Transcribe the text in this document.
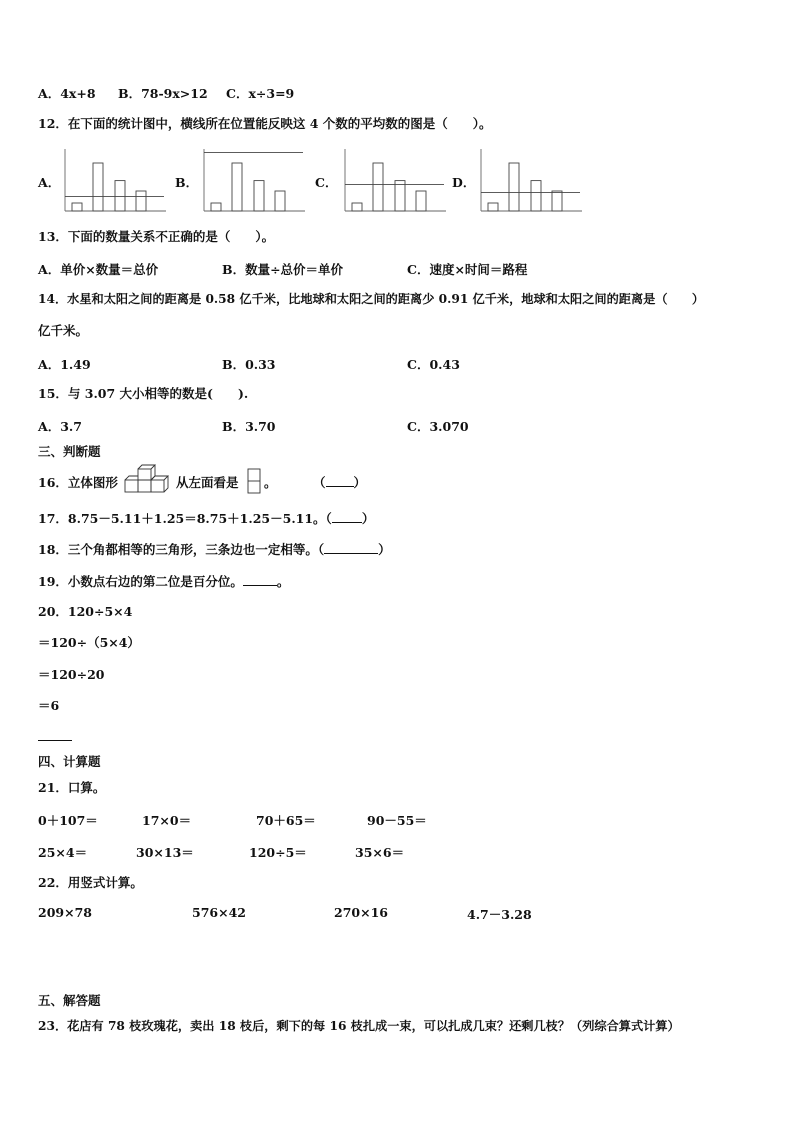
A．4x+8 B．78-9x>12 C．x÷3=9
12．在下面的统计图中，横线所在位置能反映这 4 个数的平均数的图是（　　）。
A．	B．	C．	D．
13．下面的数量关系不正确的是（　　）。
A．单价×数量＝总价	B．数量÷总价＝单价	C．速度×时间＝路程
14．水星和太阳之间的距离是 0.58 亿千米，比地球和太阳之间的距离少 0.91 亿千米，地球和太阳之间的距离是（　　）
亿千米。
A．1.49	B．0.33	C．0.43
15．与 3.07 大小相等的数是(　　).
A．3.7	B．3.70	C．3.070
三、判断题
16．立体图形	从左面看是 。	（ ）
17．8.75－5.11＋1.25＝8.75＋1.25－5.11。（ ）
18．三个角都相等的三角形，三条边也一定相等。（	）
19．小数点右边的第二位是百分位。	。
20．120÷5×4
＝120÷（5×4）
＝120÷20
＝6
四、计算题
21．口算。
0＋107＝	17×0＝	70＋65＝	90－55＝
25×4＝	30×13＝	120÷5＝	35×6＝
22．用竖式计算。
209×78	576×42	270×16	4.7－3.28
五、解答题
23．花店有 78 枝玫瑰花，卖出 18 枝后，剩下的每 16 枝扎成一束，可以扎成几束？还剩几枝？（列综合算式计算）
